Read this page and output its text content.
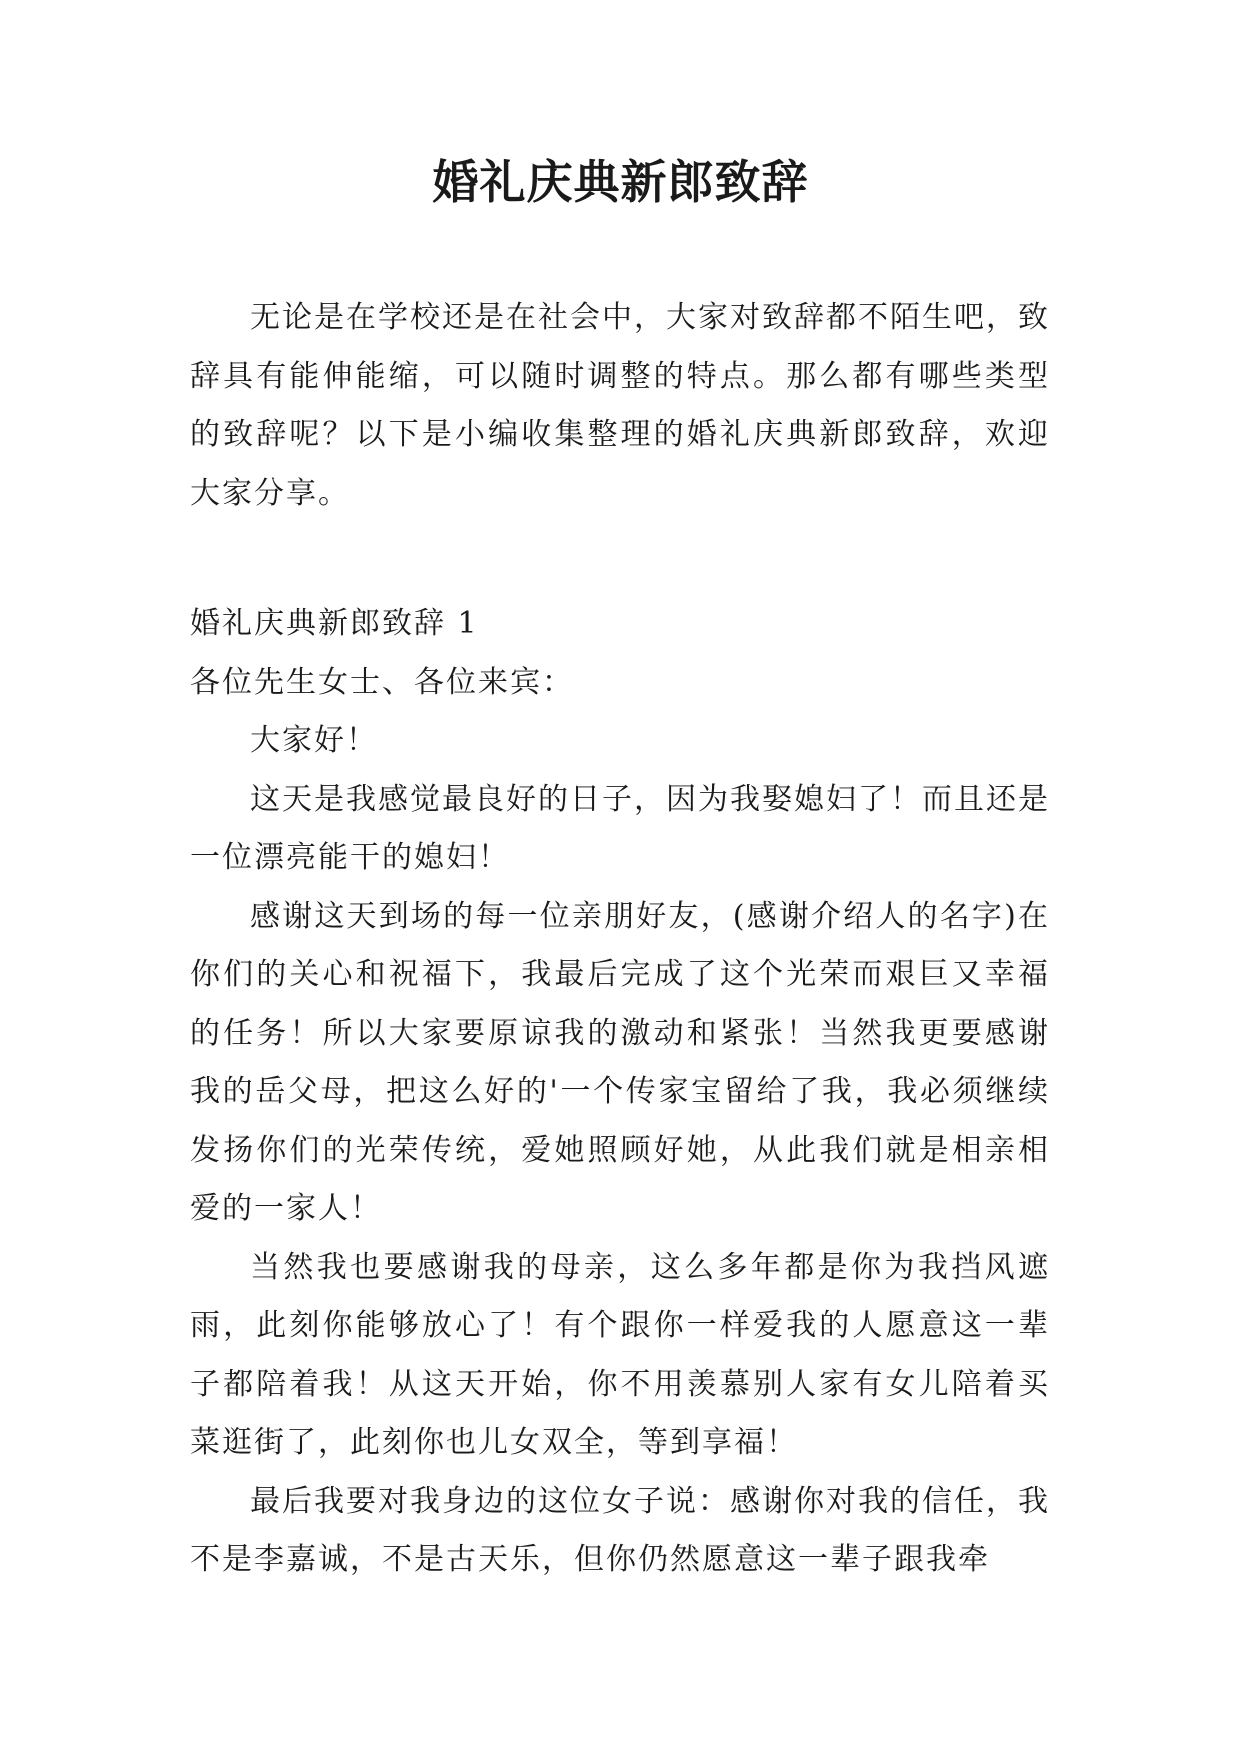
婚礼庆典新郎致辞

无论是在学校还是在社会中，大家对致辞都不陌生吧，致辞具有能伸能缩，可以随时调整的特点。那么都有哪些类型的致辞呢？以下是小编收集整理的婚礼庆典新郎致辞，欢迎大家分享。

婚礼庆典新郎致辞 1

各位先生女士、各位来宾：

大家好！

这天是我感觉最良好的日子，因为我娶媳妇了！而且还是一位漂亮能干的媳妇！

感谢这天到场的每一位亲朋好友，(感谢介绍人的名字)在你们的关心和祝福下，我最后完成了这个光荣而艰巨又幸福的任务！所以大家要原谅我的激动和紧张！当然我更要感谢我的岳父母，把这么好的'一个传家宝留给了我，我必须继续发扬你们的光荣传统，爱她照顾好她，从此我们就是相亲相爱的一家人！

当然我也要感谢我的母亲，这么多年都是你为我挡风遮雨，此刻你能够放心了！有个跟你一样爱我的人愿意这一辈子都陪着我！从这天开始，你不用羡慕别人家有女儿陪着买菜逛街了，此刻你也儿女双全，等到享福！

最后我要对我身边的这位女子说：感谢你对我的信任，我不是李嘉诚，不是古天乐，但你仍然愿意这一辈子跟我牵
